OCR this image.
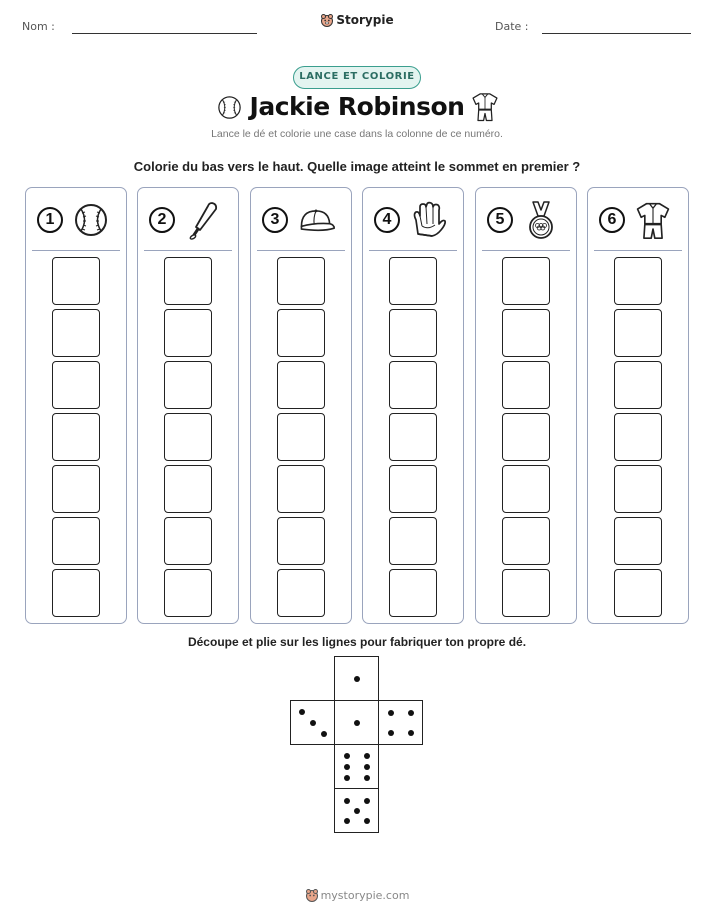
Nom :	Storypie	Date :
LANCE ET COLORIE
Jackie Robinson
Lance le dé et colorie une case dans la colonne de ce numéro.
Colorie du bas vers le haut. Quelle image atteint le sommet en premier ?
1	2	3	4	5	6
Découpe et plie sur les lignes pour fabriquer ton propre dé.
mystorypie.com
